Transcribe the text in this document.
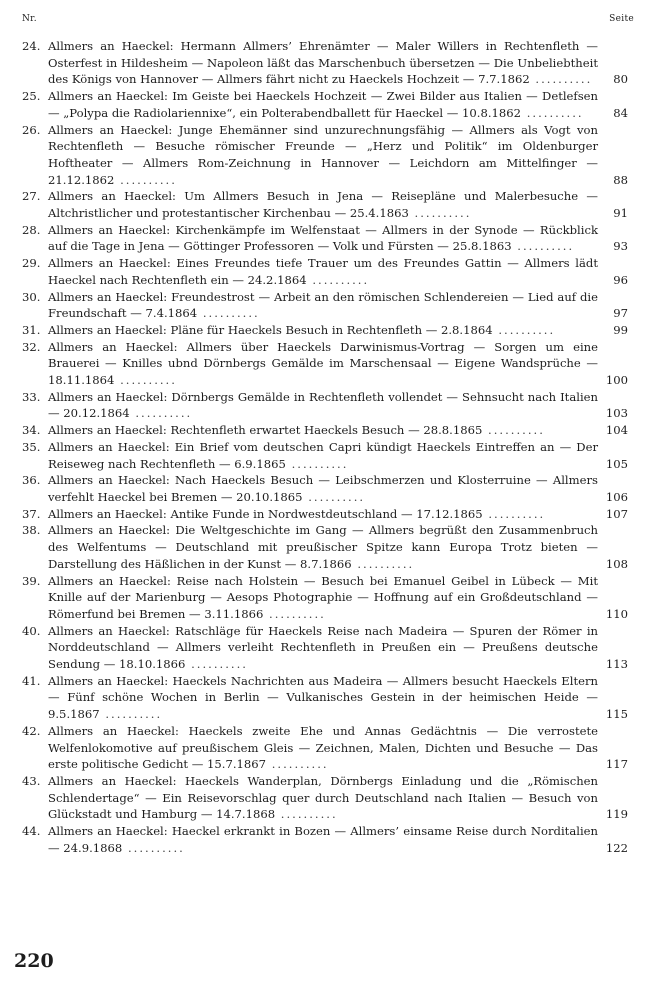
Nr.	Seite
24. Allmers an Haeckel: Hermann Allmers’ Ehrenämter — Maler Willers in Rechtenfleth — Osterfest in Hildesheim — Napoleon läßt das Marschenbuch übersetzen — Die Unbeliebtheit des Königs von Hannover — Allmers fährt nicht zu Haeckels Hochzeit — 7.7.1862 ..........	80
25. Allmers an Haeckel: Im Geiste bei Haeckels Hochzeit — Zwei Bilder aus Italien — Detlefsen — „Polypa die Radiolariennixe“, ein Polterabendballett für Haeckel — 10.8.1862 ..........	84
26. Allmers an Haeckel: Junge Ehemänner sind unzurechnungsfähig — Allmers als Vogt von Rechtenfleth — Besuche römischer Freunde — „Herz und Politik“ im Oldenburger Hoftheater — Allmers Rom-Zeichnung in Hannover — Leichdorn am Mittelfinger — 21.12.1862 ..........	88
27. Allmers an Haeckel: Um Allmers Besuch in Jena — Reisepläne und Malerbesuche — Altchristlicher und protestantischer Kirchenbau — 25.4.1863 ..........	91
28. Allmers an Haeckel: Kirchenkämpfe im Welfenstaat — Allmers in der Synode — Rückblick auf die Tage in Jena — Göttinger Professoren — Volk und Fürsten — 25.8.1863 ..........	93
29. Allmers an Haeckel: Eines Freundes tiefe Trauer um des Freundes Gattin — Allmers lädt Haeckel nach Rechtenfleth ein — 24.2.1864 ..........	96
30. Allmers an Haeckel: Freundestrost — Arbeit an den römischen Schlendereien — Lied auf die Freundschaft — 7.4.1864 ..........	97
31. Allmers an Haeckel: Pläne für Haeckels Besuch in Rechtenfleth — 2.8.1864 ..........	99
32. Allmers an Haeckel: Allmers über Haeckels Darwinismus-Vortrag — Sorgen um eine Brauerei — Knilles ubnd Dörnbergs Gemälde im Marschensaal — Eigene Wandsprüche — 18.11.1864 ..........	100
33. Allmers an Haeckel: Dörnbergs Gemälde in Rechtenfleth vollendet — Sehnsucht nach Italien — 20.12.1864 ..........	103
34. Allmers an Haeckel: Rechtenfleth erwartet Haeckels Besuch — 28.8.1865 ..........	104
35. Allmers an Haeckel: Ein Brief vom deutschen Capri kündigt Haeckels Eintreffen an — Der Reiseweg nach Rechtenfleth — 6.9.1865 ..........	105
36. Allmers an Haeckel: Nach Haeckels Besuch — Leibschmerzen und Klosterruine — Allmers verfehlt Haeckel bei Bremen — 20.10.1865 ..........	106
37. Allmers an Haeckel: Antike Funde in Nordwestdeutschland — 17.12.1865 ..........	107
38. Allmers an Haeckel: Die Weltgeschichte im Gang — Allmers begrüßt den Zusammenbruch des Welfentums — Deutschland mit preußischer Spitze kann Europa Trotz bieten — Darstellung des Häßlichen in der Kunst — 8.7.1866 ..........	108
39. Allmers an Haeckel: Reise nach Holstein — Besuch bei Emanuel Geibel in Lübeck — Mit Knille auf der Marienburg — Aesops Photographie — Hoffnung auf ein Großdeutschland — Römerfund bei Bremen — 3.11.1866 ..........	110
40. Allmers an Haeckel: Ratschläge für Haeckels Reise nach Madeira — Spuren der Römer in Norddeutschland — Allmers verleiht Rechtenfleth in Preußen ein — Preußens deutsche Sendung — 18.10.1866 ..........	113
41. Allmers an Haeckel: Haeckels Nachrichten aus Madeira — Allmers besucht Haeckels Eltern — Fünf schöne Wochen in Berlin — Vulkanisches Gestein in der heimischen Heide — 9.5.1867 ..........	115
42. Allmers an Haeckel: Haeckels zweite Ehe und Annas Gedächtnis — Die verrostete Welfenlokomotive auf preußischem Gleis — Zeichnen, Malen, Dichten und Besuche — Das erste politische Gedicht — 15.7.1867 ..........	117
43. Allmers an Haeckel: Haeckels Wanderplan, Dörnbergs Einladung und die „Römischen Schlendertage“ — Ein Reisevorschlag quer durch Deutschland nach Italien — Besuch von Glückstadt und Hamburg — 14.7.1868 ..........	119
44. Allmers an Haeckel: Haeckel erkrankt in Bozen — Allmers’ einsame Reise durch Norditalien — 24.9.1868 ..........	122
220
